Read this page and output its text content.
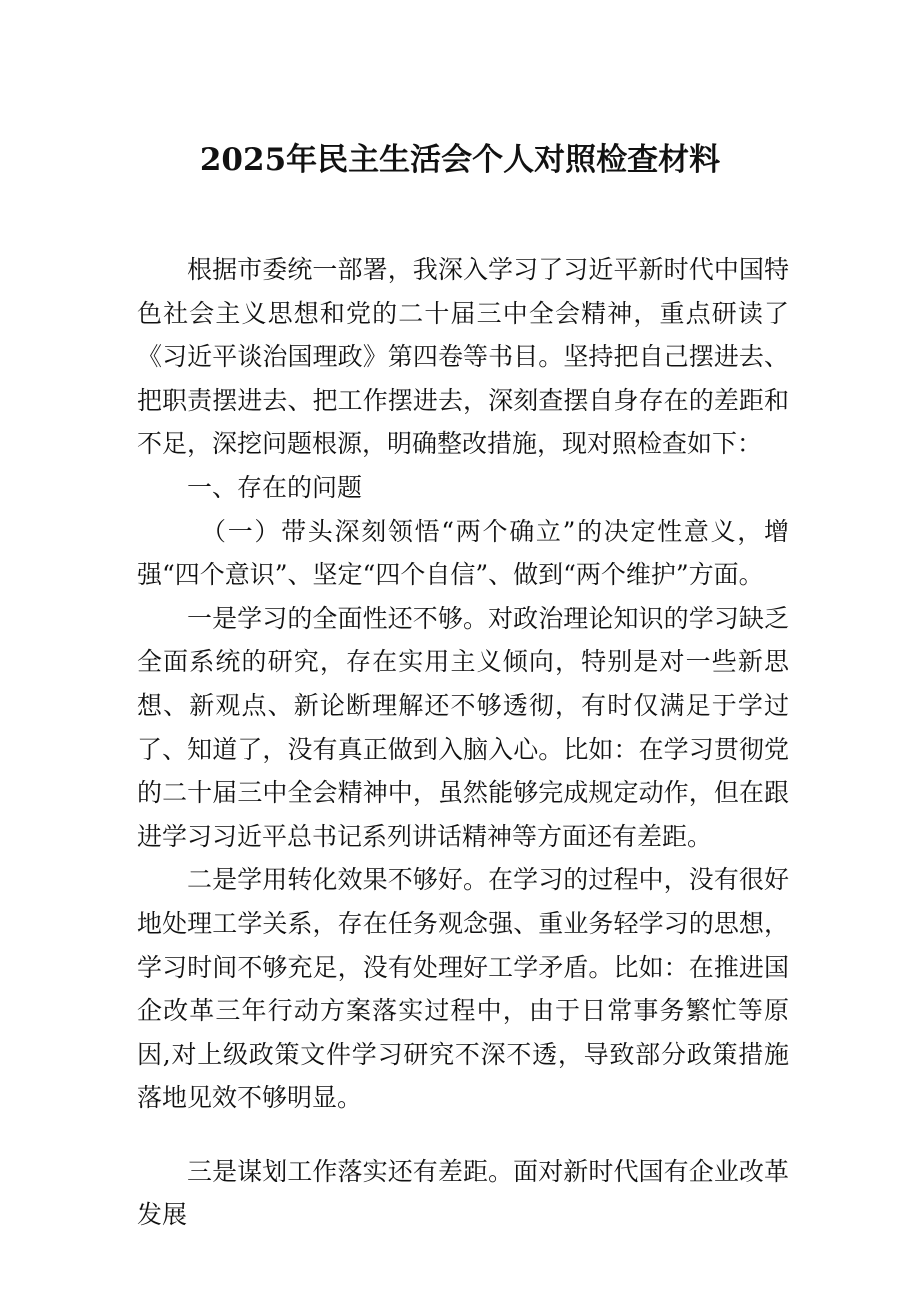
2025年民主生活会个人对照检查材料

根据市委统一部署，我深入学习了习近平新时代中国特色社会主义思想和党的二十届三中全会精神，重点研读了《习近平谈治国理政》第四卷等书目。坚持把自己摆进去、把职责摆进去、把工作摆进去，深刻查摆自身存在的差距和不足，深挖问题根源，明确整改措施，现对照检查如下：

一、存在的问题

（一）带头深刻领悟“两个确立”的决定性意义，增强“四个意识”、坚定“四个自信”、做到“两个维护”方面。

一是学习的全面性还不够。对政治理论知识的学习缺乏全面系统的研究，存在实用主义倾向，特别是对一些新思想、新观点、新论断理解还不够透彻，有时仅满足于学过了、知道了，没有真正做到入脑入心。比如：在学习贯彻党的二十届三中全会精神中，虽然能够完成规定动作，但在跟进学习习近平总书记系列讲话精神等方面还有差距。

二是学用转化效果不够好。在学习的过程中，没有很好地处理工学关系，存在任务观念强、重业务轻学习的思想，学习时间不够充足，没有处理好工学矛盾。比如：在推进国企改革三年行动方案落实过程中，由于日常事务繁忙等原因,对上级政策文件学习研究不深不透，导致部分政策措施落地见效不够明显。

三是谋划工作落实还有差距。面对新时代国有企业改革发展
